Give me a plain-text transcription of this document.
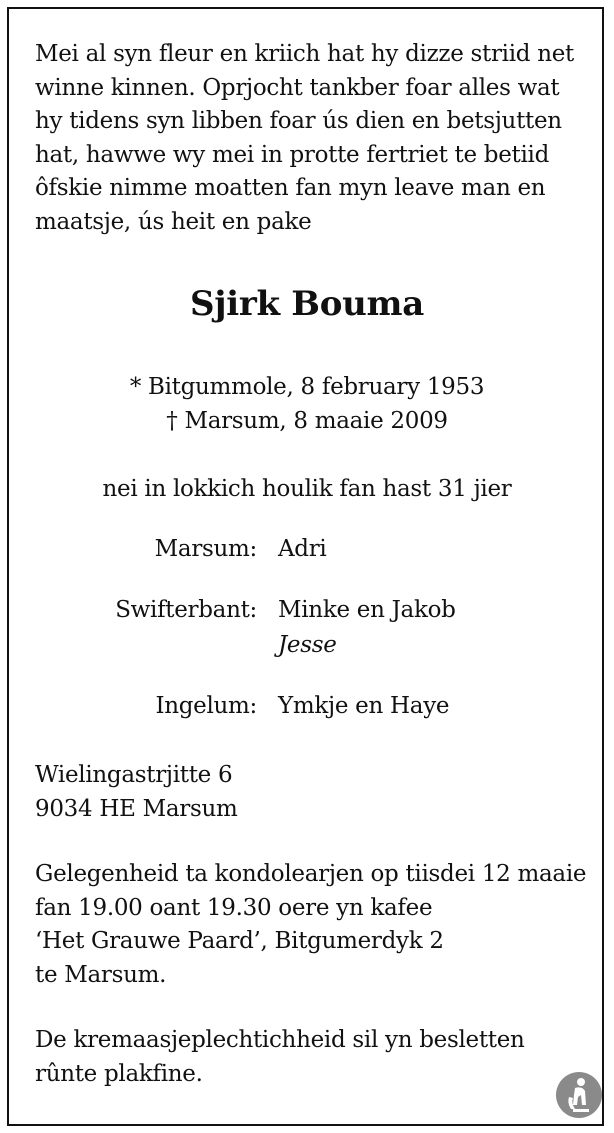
Mei al syn fleur en kriich hat hy dizze striid net
winne kinnen. Oprjocht tankber foar alles wat
hy tidens syn libben foar ús dien en betsjutten
hat, hawwe wy mei in protte fertriet te betiid
ôfskie nimme moatten fan myn leave man en
maatsje, ús heit en pake
Sjirk Bouma
* Bitgummole, 8 february 1953
† Marsum, 8 maaie 2009
nei in lokkich houlik fan hast 31 jier
Marsum: Adri
Swifterbant: Minke en Jakob
Jesse
Ingelum: Ymkje en Haye
Wielingastrjitte 6
9034 HE Marsum
Gelegenheid ta kondolearjen op tiisdei 12 maaie
fan 19.00 oant 19.30 oere yn kafee
‘Het Grauwe Paard’, Bitgumerdyk 2
te Marsum.
De kremaasjeplechtichheid sil yn besletten
rûnte plakfine.
